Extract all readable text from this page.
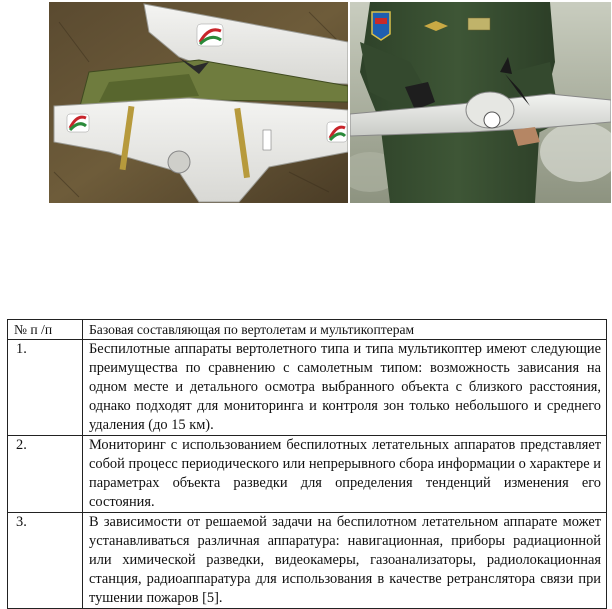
№ п /п	Базовая составляющая по вертолетам и мультикоптерам
1.	Беспилотные аппараты вертолетного типа и типа мультикоптер имеют следующие преимущества по сравнению с самолетным типом: возможность зависания на одном месте и детального осмотра выбранного объекта с близкого расстояния, однако подходят для мониторинга и контроля зон только небольшого и среднего удаления (до 15 км).
2.	Мониторинг с использованием беспилотных летательных аппаратов представляет собой процесс периодического или непрерывного сбора информации о характере и параметрах объекта разведки для определения тенденций изменения его состояния.
3.	В зависимости от решаемой задачи на беспилотном летательном аппарате может устанавливаться различная аппаратура: навигационная, приборы радиационной или химической разведки, видеокамеры, газоанализаторы, радиолокационная станция, радиоаппаратура для использования в качестве ретранслятора связи при тушении пожаров [5].
